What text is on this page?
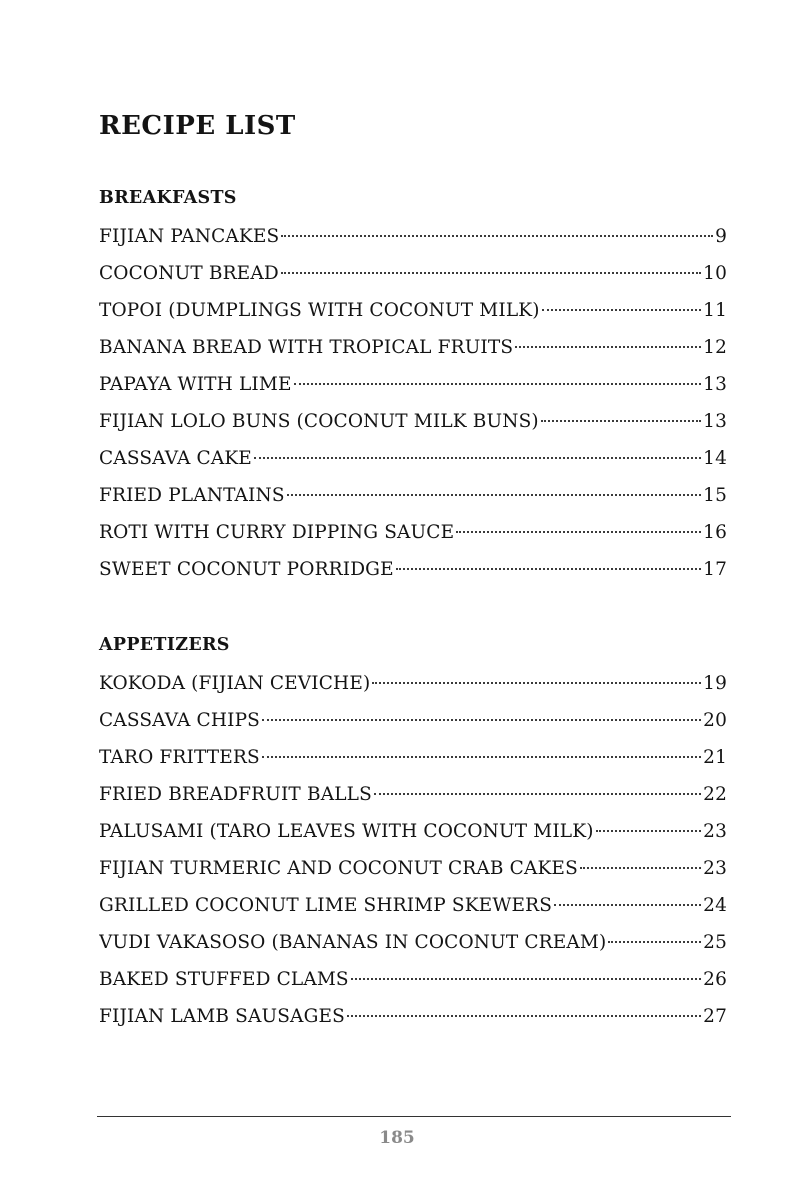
RECIPE LIST
BREAKFASTS
FIJIAN PANCAKES	9
COCONUT BREAD	10
TOPOI (DUMPLINGS WITH COCONUT MILK)	11
BANANA BREAD WITH TROPICAL FRUITS	12
PAPAYA WITH LIME	13
FIJIAN LOLO BUNS (COCONUT MILK BUNS)	13
CASSAVA CAKE	14
FRIED PLANTAINS	15
ROTI WITH CURRY DIPPING SAUCE	16
SWEET COCONUT PORRIDGE	17
APPETIZERS
KOKODA (FIJIAN CEVICHE)	19
CASSAVA CHIPS	20
TARO FRITTERS	21
FRIED BREADFRUIT BALLS	22
PALUSAMI (TARO LEAVES WITH COCONUT MILK)	23
FIJIAN TURMERIC AND COCONUT CRAB CAKES	23
GRILLED COCONUT LIME SHRIMP SKEWERS	24
VUDI VAKASOSO (BANANAS IN COCONUT CREAM)	25
BAKED STUFFED CLAMS	26
FIJIAN LAMB SAUSAGES	27
185
